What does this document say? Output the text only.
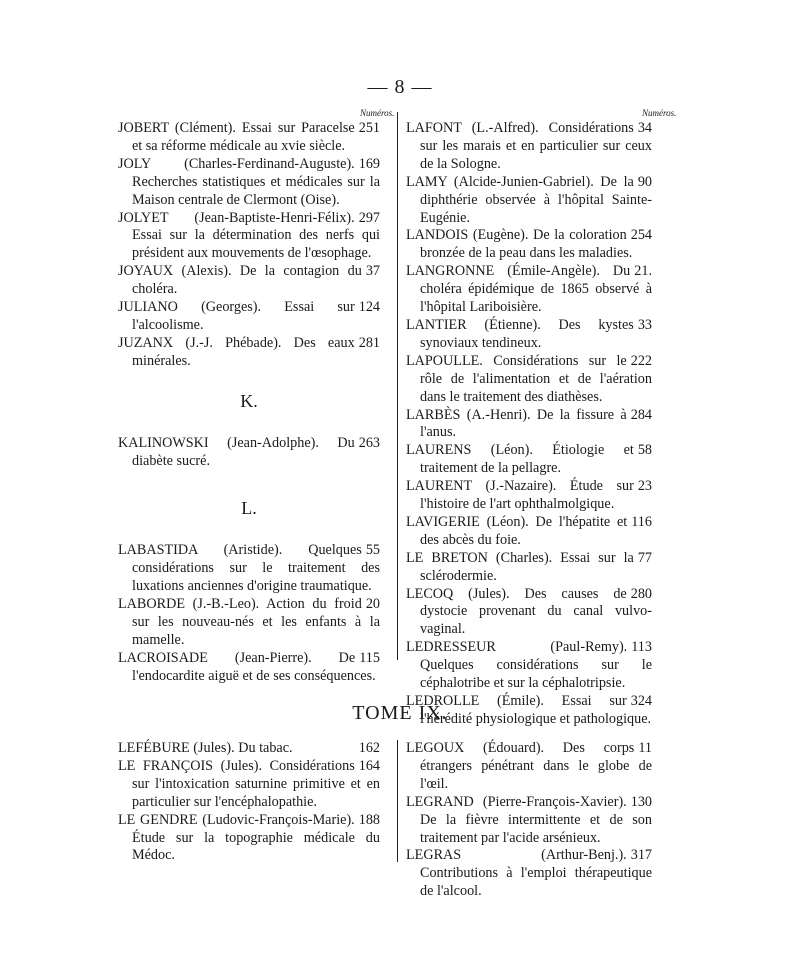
— 8 —
Numéros.	Numéros.
251
JOBERT (Clément). Essai sur Paracelse et sa réforme médicale au xvie siècle.
169
JOLY (Charles-Ferdinand-Auguste). Recherches statistiques et médicales sur la Maison centrale de Clermont (Oise).
297
JOLYET (Jean-Baptiste-Henri-Félix). Essai sur la détermination des nerfs qui président aux mouvements de l'œsophage.
37
JOYAUX (Alexis). De la contagion du choléra.
124
JULIANO (Georges). Essai sur l'alcoolisme.
281
JUZANX (J.-J. Phébade). Des eaux minérales.
K.
263
KALINOWSKI (Jean-Adolphe). Du diabète sucré.
L.
55
LABASTIDA (Aristide). Quelques considérations sur le traitement des luxations anciennes d'origine traumatique.
20
LABORDE (J.-B.-Leo). Action du froid sur les nouveau-nés et les enfants à la mamelle.
115
LACROISADE (Jean-Pierre). De l'endocardite aiguë et de ses conséquences.
34
LAFONT (L.-Alfred). Considérations sur les marais et en particulier sur ceux de la Sologne.
90
LAMY (Alcide-Junien-Gabriel). De la diphthérie observée à l'hôpital Sainte-Eugénie.
254
LANDOIS (Eugène). De la coloration bronzée de la peau dans les maladies.
21.
LANGRONNE (Émile-Angèle). Du choléra épidémique de 1865 observé à l'hôpital Lariboisière.
33
LANTIER (Étienne). Des kystes synoviaux tendineux.
222
LAPOULLE. Considérations sur le rôle de l'alimentation et de l'aération dans le traitement des diathèses.
284
LARBÈS (A.-Henri). De la fissure à l'anus.
58
LAURENS (Léon). Étiologie et traitement de la pellagre.
23
LAURENT (J.-Nazaire). Étude sur l'histoire de l'art ophthalmolgique.
116
LAVIGERIE (Léon). De l'hépatite et des abcès du foie.
77
LE BRETON (Charles). Essai sur la sclérodermie.
280
LECOQ (Jules). Des causes de dystocie provenant du canal vulvo-vaginal.
113
LEDRESSEUR (Paul-Remy). Quelques considérations sur le céphalotribe et sur la céphalotripsie.
324
LEDROLLE (Émile). Essai sur l'hérédité physiologique et pathologique.
TOME IX.
162
LEFÉBURE (Jules). Du tabac.
164
LE FRANÇOIS (Jules). Considérations sur l'intoxication saturnine primitive et en particulier sur l'encéphalopathie.
188
LE GENDRE (Ludovic-François-Marie). Étude sur la topographie médicale du Médoc.
11
LEGOUX (Édouard). Des corps étrangers pénétrant dans le globe de l'œil.
130
LEGRAND (Pierre-François-Xavier). De la fièvre intermittente et de son traitement par l'acide arsénieux.
317
LEGRAS (Arthur-Benj.). Contributions à l'emploi thérapeutique de l'alcool.
